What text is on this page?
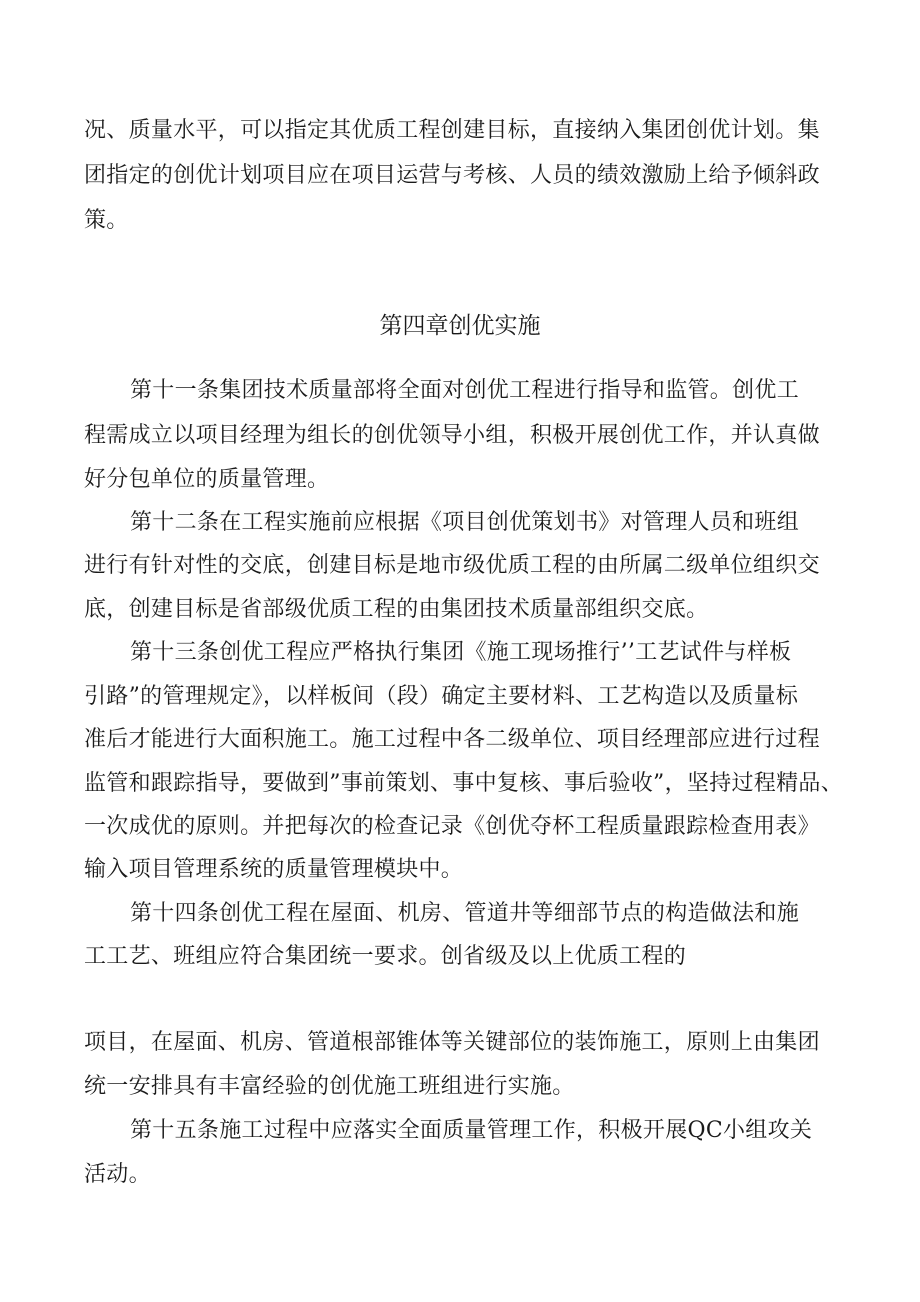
况、质量水平，可以指定其优质工程创建目标，直接纳入集团创优计划。集
团指定的创优计划项目应在项目运营与考核、人员的绩效激励上给予倾斜政
策。
第四章创优实施
第十一条集团技术质量部将全面对创优工程进行指导和监管。创优工
程需成立以项目经理为组长的创优领导小组，积极开展创优工作，并认真做
好分包单位的质量管理。
第十二条在工程实施前应根据《项目创优策划书》对管理人员和班组
进行有针对性的交底，创建目标是地市级优质工程的由所属二级单位组织交
底，创建目标是省部级优质工程的由集团技术质量部组织交底。
第十三条创优工程应严格执行集团《施工现场推行’’工艺试件与样板
引路”的管理规定》，以样板间（段）确定主要材料、工艺构造以及质量标
准后才能进行大面积施工。施工过程中各二级单位、项目经理部应进行过程
监管和跟踪指导，要做到”事前策划、事中复核、事后验收”，坚持过程精品、
一次成优的原则。并把每次的检查记录《创优夺杯工程质量跟踪检查用表》
输入项目管理系统的质量管理模块中。
第十四条创优工程在屋面、机房、管道井等细部节点的构造做法和施
工工艺、班组应符合集团统一要求。创省级及以上优质工程的
项目，在屋面、机房、管道根部锥体等关键部位的装饰施工，原则上由集团
统一安排具有丰富经验的创优施工班组进行实施。
第十五条施工过程中应落实全面质量管理工作，积极开展QC小组攻关
活动。
